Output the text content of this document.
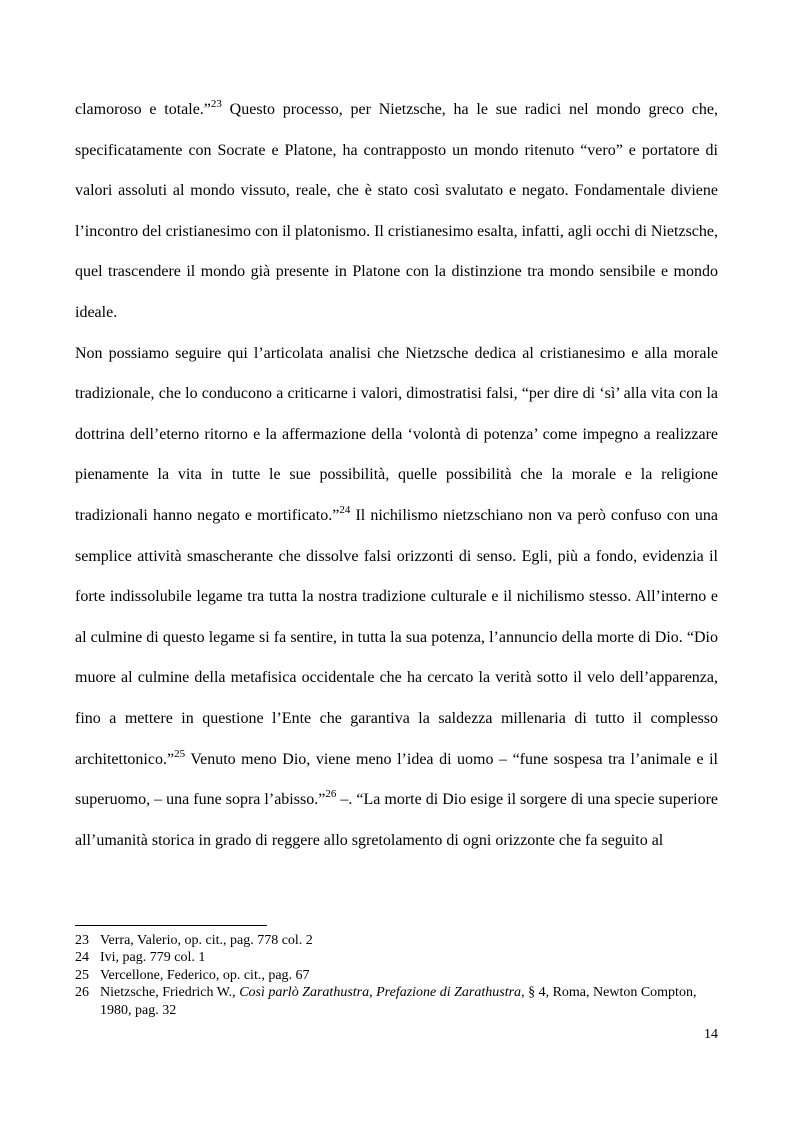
clamoroso e totale.”$^{23}$ Questo processo, per Nietzsche, ha le sue radici nel mondo greco che, specificatamente con Socrate e Platone, ha contrapposto un mondo ritenuto “vero” e portatore di valori assoluti al mondo vissuto, reale, che è stato così svalutato e negato. Fondamentale diviene l’incontro del cristianesimo con il platonismo. Il cristianesimo esalta, infatti, agli occhi di Nietzsche, quel trascendere il mondo già presente in Platone con la distinzione tra mondo sensibile e mondo ideale.

Non possiamo seguire qui l’articolata analisi che Nietzsche dedica al cristianesimo e alla morale tradizionale, che lo conducono a criticarne i valori, dimostratisi falsi, “per dire di ‘sì’ alla vita con la dottrina dell’eterno ritorno e la affermazione della ‘volontà di potenza’ come impegno a realizzare pienamente la vita in tutte le sue possibilità, quelle possibilità che la morale e la religione tradizionali hanno negato e mortificato.”$^{24}$ Il nichilismo nietzschiano non va però confuso con una semplice attività smascherante che dissolve falsi orizzonti di senso. Egli, più a fondo, evidenzia il forte indissolubile legame tra tutta la nostra tradizione culturale e il nichilismo stesso. All’interno e al culmine di questo legame si fa sentire, in tutta la sua potenza, l’annuncio della morte di Dio. “Dio muore al culmine della metafisica occidentale che ha cercato la verità sotto il velo dell’apparenza, fino a mettere in questione l’Ente che garantiva la saldezza millenaria di tutto il complesso architettonico.”$^{25}$ Venuto meno Dio, viene meno l’idea di uomo – “fune sospesa tra l’animale e il superuomo, – una fune sopra l’abisso.”$^{26}$ –. “La morte di Dio esige il sorgere di una specie superiore all’umanità storica in grado di reggere allo sgretolamento di ogni orizzonte che fa seguito al

23 Verra, Valerio, op. cit., pag. 778 col. 2
24 Ivi, pag. 779 col. 1
25 Vercellone, Federico, op. cit., pag. 67
26 Nietzsche, Friedrich W., Così parlò Zarathustra, Prefazione di Zarathustra, § 4, Roma, Newton Compton, 1980, pag. 32
14
